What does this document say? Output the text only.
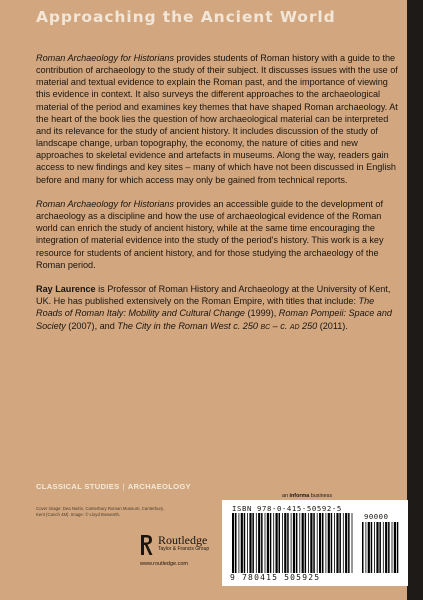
Approaching the Ancient World

Roman Archaeology for Historians provides students of Roman history with a guide to the contribution of archaeology to the study of their subject. It discusses issues with the use of material and textual evidence to explain the Roman past, and the importance of viewing this evidence in context. It also surveys the different approaches to the archaeological material of the period and examines key themes that have shaped Roman archaeology. At the heart of the book lies the question of how archaeological material can be interpreted and its relevance for the study of ancient history. It includes discussion of the study of landscape change, urban topography, the economy, the nature of cities and new approaches to skeletal evidence and artefacts in museums. Along the way, readers gain access to new findings and key sites – many of which have not been discussed in English before and many for which access may only be gained from technical reports.

Roman Archaeology for Historians provides an accessible guide to the development of archaeology as a discipline and how the use of archaeological evidence of the Roman world can enrich the study of ancient history, while at the same time encouraging the integration of material evidence into the study of the period's history. This work is a key resource for students of ancient history, and for those studying the archaeology of the Roman period.

Ray Laurence is Professor of Roman History and Archaeology at the University of Kent, UK. He has published extensively on the Roman Empire, with titles that include: The Roads of Roman Italy: Mobility and Cultural Change (1999), Roman Pompeii: Space and Society (2007), and The City in the Roman West c. 250 BC – c. AD 250 (2011).

CLASSICAL STUDIES | ARCHAEOLOGY
an informa business
Cover image: Dea Nutrix, Canterbury Roman Museum, Canterbury, Kent (Canch 4M). Image: © Lloyd Bosworth.
Routledge
Taylor & Francis Group
www.routledge.com
ISBN 978-0-415-50592-5
90000
9 780415 505925
